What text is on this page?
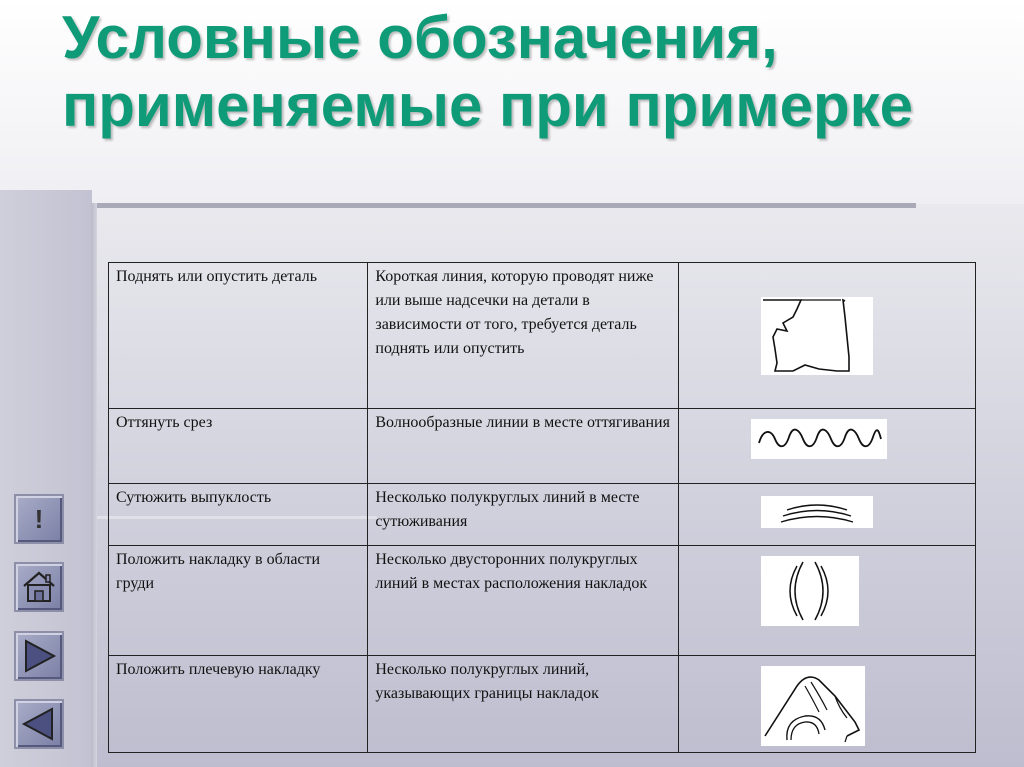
Условные обозначения, применяемые при примерке
Поднять или опустить деталь	Короткая линия, которую проводят ниже или выше надсечки на детали в зависимости от того, требуется деталь поднять или опустить	

Оттянуть срез	Волнообразные линии в месте оттягивания	

Сутюжить выпуклость	Несколько полукруглых линий в месте сутюживания	

Положить накладку в области груди	Несколько двусторонних полукруглых линий в местах расположения накладок	

Положить плечевую накладку	Несколько полукруглых линий, указывающих границы накладок	
!
